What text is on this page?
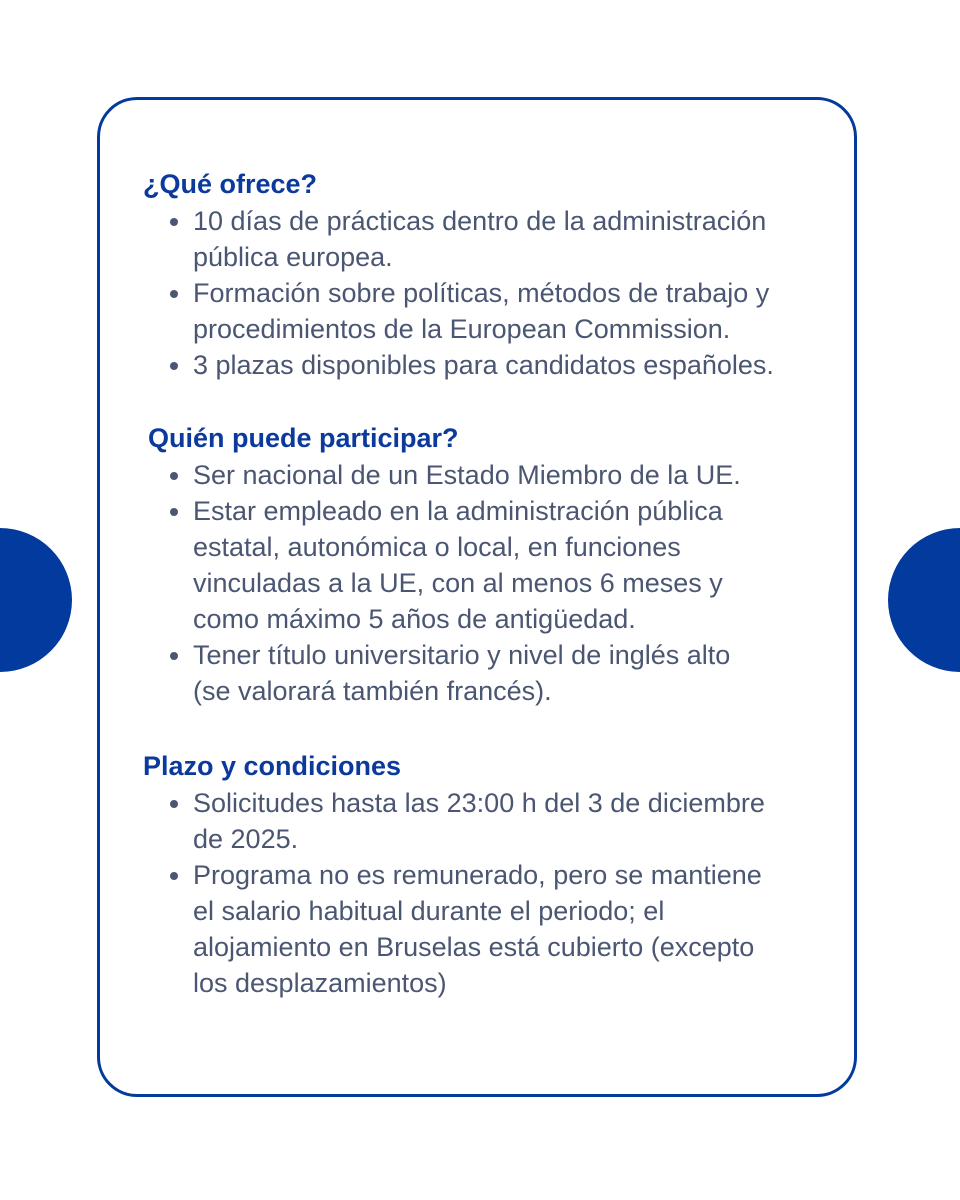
¿Qué ofrece?
10 días de prácticas dentro de la administración
pública europea.
Formación sobre políticas, métodos de trabajo y
procedimientos de la European Commission.
3 plazas disponibles para candidatos españoles.
Quién puede participar?
Ser nacional de un Estado Miembro de la UE.
Estar empleado en la administración pública
estatal, autonómica o local, en funciones
vinculadas a la UE, con al menos 6 meses y
como máximo 5 años de antigüedad.
Tener título universitario y nivel de inglés alto
(se valorará también francés).
Plazo y condiciones
Solicitudes hasta las 23:00 h del 3 de diciembre
de 2025.
Programa no es remunerado, pero se mantiene
el salario habitual durante el periodo; el
alojamiento en Bruselas está cubierto (excepto
los desplazamientos)
